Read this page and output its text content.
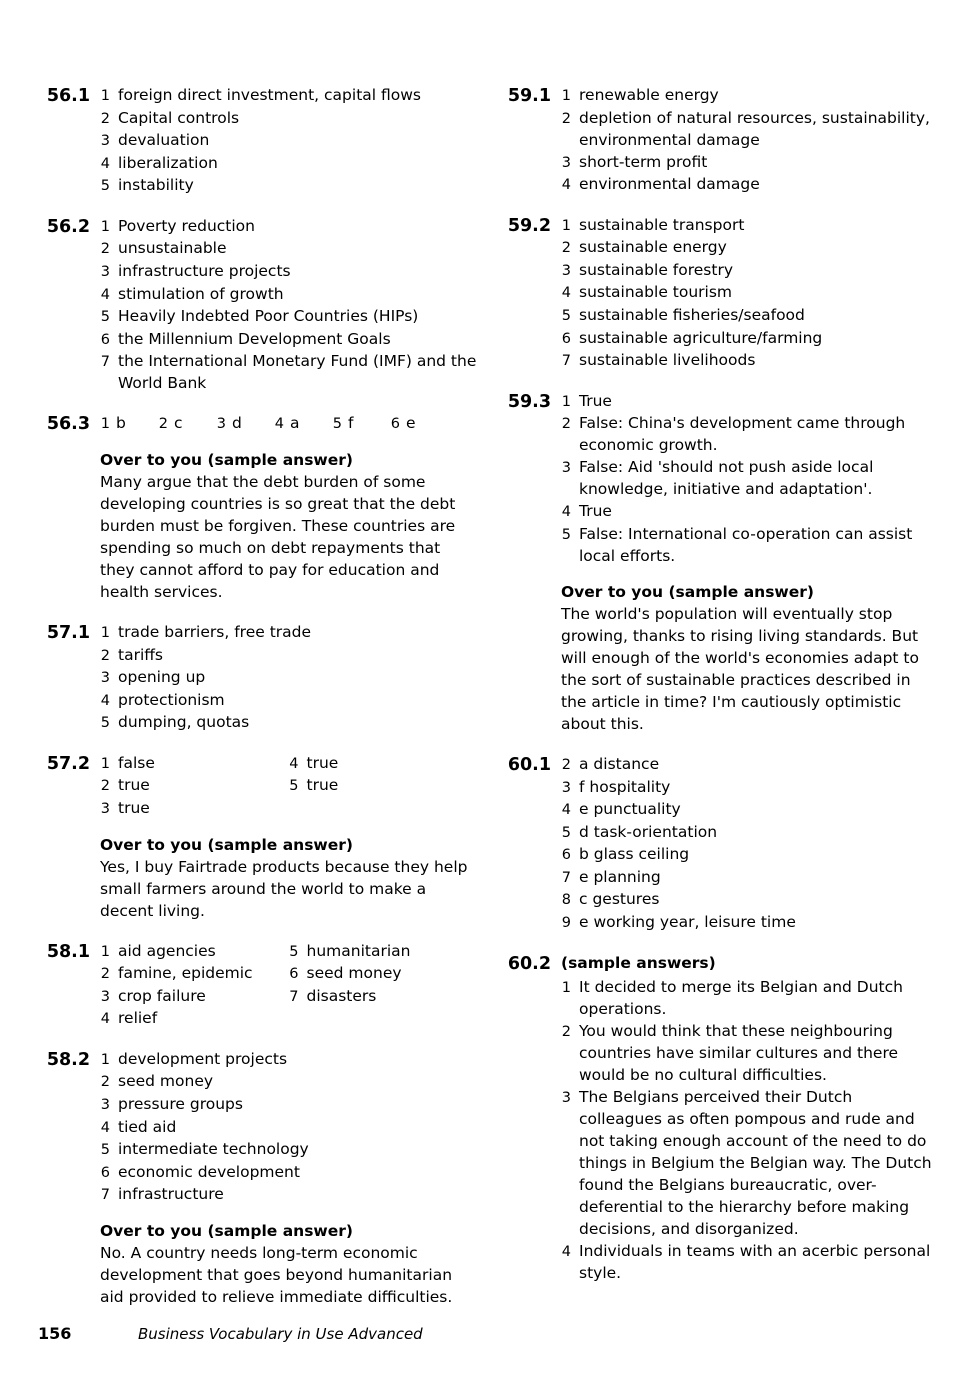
56.1 1 foreign direct investment, capital flows
2 Capital controls
3 devaluation
4 liberalization
5 instability
56.2 1 Poverty reduction
2 unsustainable
3 infrastructure projects
4 stimulation of growth
5 Heavily Indebted Poor Countries (HIPs)
6 the Millennium Development Goals
7 the International Monetary Fund (IMF) and the World Bank
56.3 1 b	2 c	3 d	4 a	5 f	6 e
Over to you (sample answer)
Many argue that the debt burden of some developing countries is so great that the debt burden must be forgiven. These countries are spending so much on debt repayments that they cannot afford to pay for education and health services.
57.1 1 trade barriers, free trade
2 tariffs
3 opening up
4 protectionism
5 dumping, quotas
57.2 1 false
2 true
3 true
4 true
5 true
Over to you (sample answer)
Yes, I buy Fairtrade products because they help small farmers around the world to make a decent living.
58.1 1 aid agencies
2 famine, epidemic
3 crop failure
4 relief
5 humanitarian
6 seed money
7 disasters
58.2 1 development projects
2 seed money
3 pressure groups
4 tied aid
5 intermediate technology
6 economic development
7 infrastructure
Over to you (sample answer)
No. A country needs long-term economic development that goes beyond humanitarian aid provided to relieve immediate difficulties.
59.1 1 renewable energy
2 depletion of natural resources, sustainability, environmental damage
3 short-term profit
4 environmental damage
59.2 1 sustainable transport
2 sustainable energy
3 sustainable forestry
4 sustainable tourism
5 sustainable fisheries/seafood
6 sustainable agriculture/farming
7 sustainable livelihoods
59.3 1 True
2 False: China's development came through economic growth.
3 False: Aid 'should not push aside local knowledge, initiative and adaptation'.
4 True
5 False: International co-operation can assist local efforts.
Over to you (sample answer)
The world's population will eventually stop growing, thanks to rising living standards. But will enough of the world's economies adapt to the sort of sustainable practices described in the article in time? I'm cautiously optimistic about this.
60.1 2 a distance
3 f hospitality
4 e punctuality
5 d task-orientation
6 b glass ceiling
7 e planning
8 c gestures
9 e working year, leisure time
60.2 (sample answers)
1 It decided to merge its Belgian and Dutch operations.
2 You would think that these neighbouring countries have similar cultures and there would be no cultural difficulties.
3 The Belgians perceived their Dutch colleagues as often pompous and rude and not taking enough account of the need to do things in Belgium the Belgian way. The Dutch found the Belgians bureaucratic, over-deferential to the hierarchy before making decisions, and disorganized.
4 Individuals in teams with an acerbic personal style.
156	Business Vocabulary in Use Advanced
